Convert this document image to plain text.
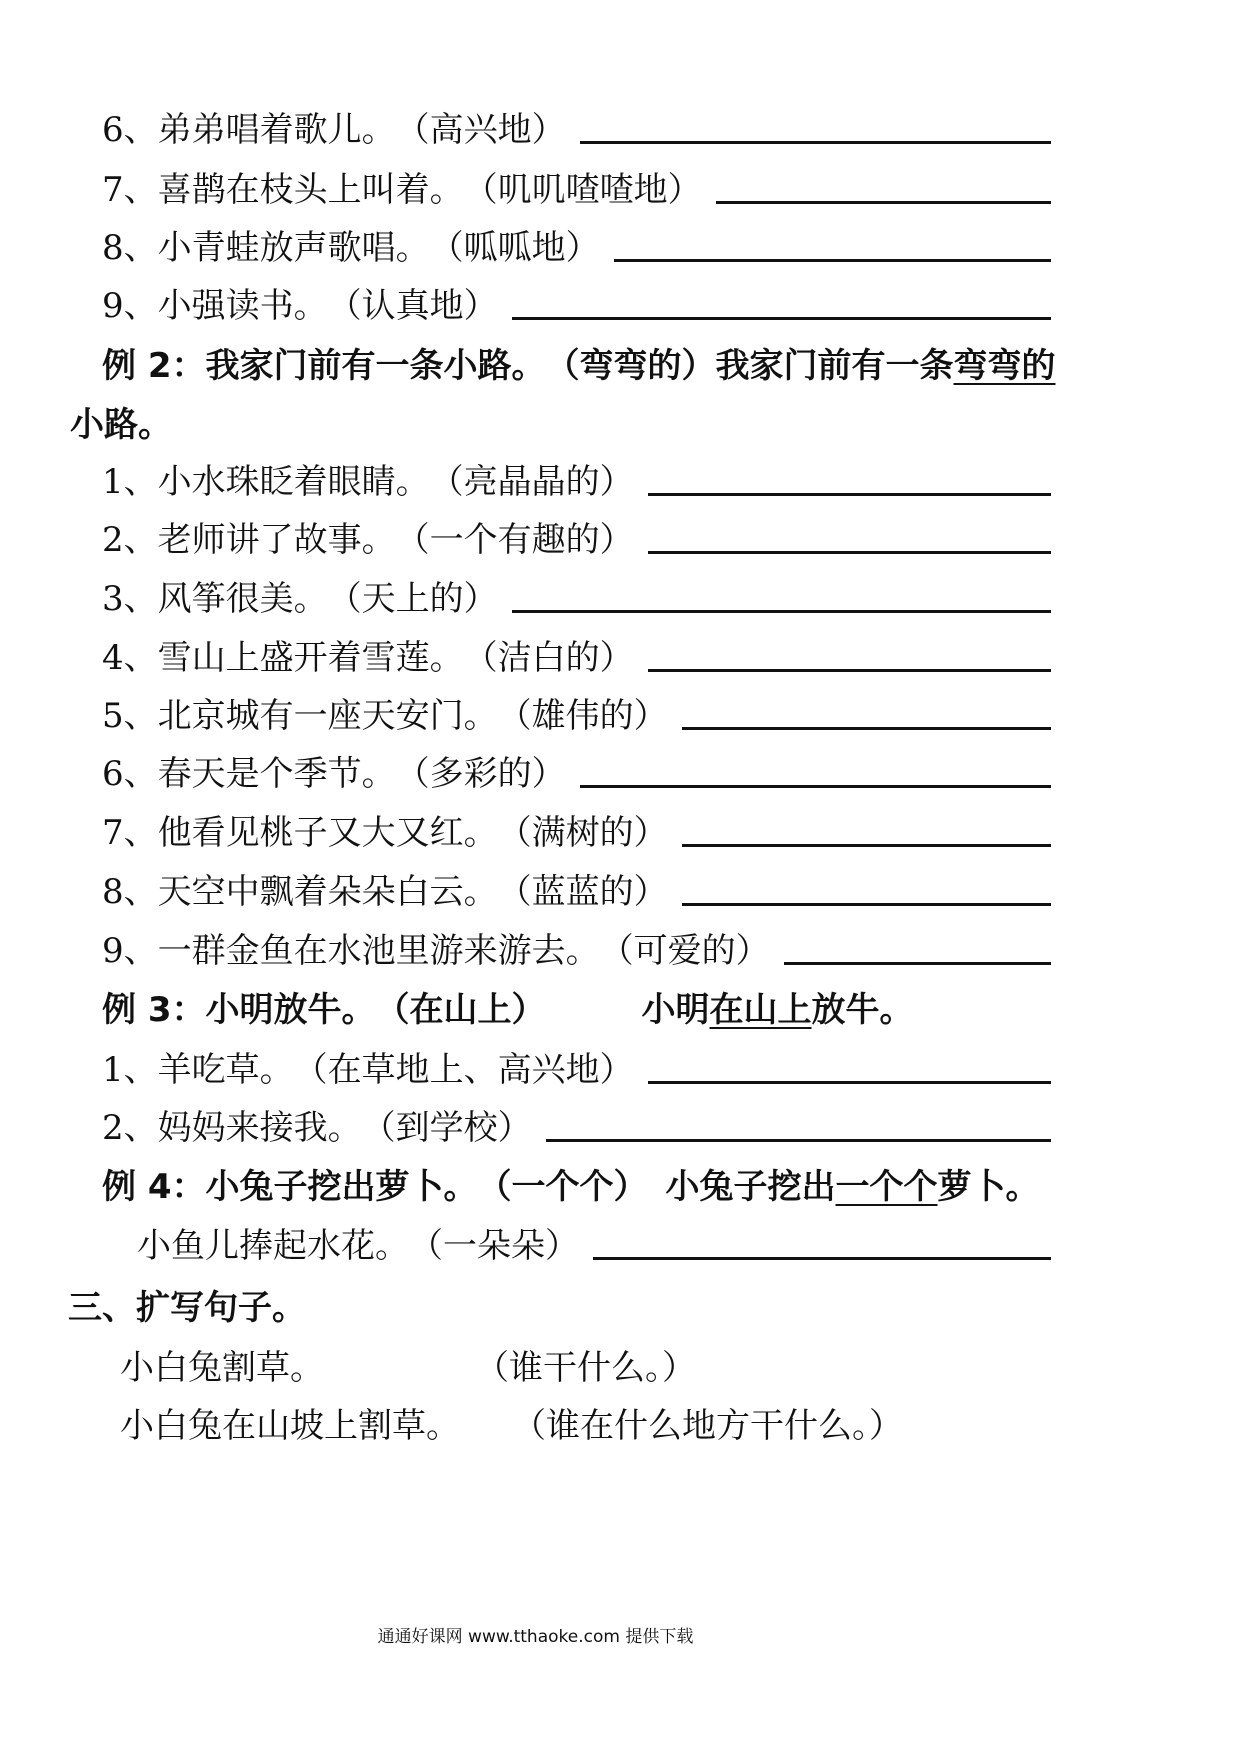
6、 弟弟唱着歌儿。 （高兴地）
7、 喜鹊在枝头上叫着。 （叽叽喳喳地）
8、 小青蛙放声歌唱。 （呱呱地）
9、 小强读书。 （认真地）
例 2： 我家门前有一条小路。 （弯弯的） 我家门前有一条 弯弯的
小路。
1、 小水珠眨着眼睛。 （亮晶晶的）
2、 老师讲了故事。 （一个有趣的）
3、 风筝很美。 （天上的）
4、 雪山上盛开着雪莲。 （洁白的）
5、 北京城有一座天安门。 （雄伟的）
6、 春天是个季节。 （多彩的）
7、 他看见桃子又大又红。 （满树的）
8、 天空中飘着朵朵白云。 （蓝蓝的）
9、 一群金鱼在水池里游来游去。 （可爱的）
例 3： 小明放牛。 （在山上）	小明 在山上 放牛。
1、 羊吃草。 （在草地上、高兴地）
2、 妈妈来接我。 （到学校）
例 4： 小兔子挖出萝卜。 （一个个） 小兔子挖出 一个个 萝卜。
小鱼儿捧起水花。 （一朵朵）
三、扩写句子。
小白兔割草。	（谁干什么。）
小白兔在山坡上割草。	（谁在什么地方干什么。）
通通好课网 www.tthaoke.com 提供下载
